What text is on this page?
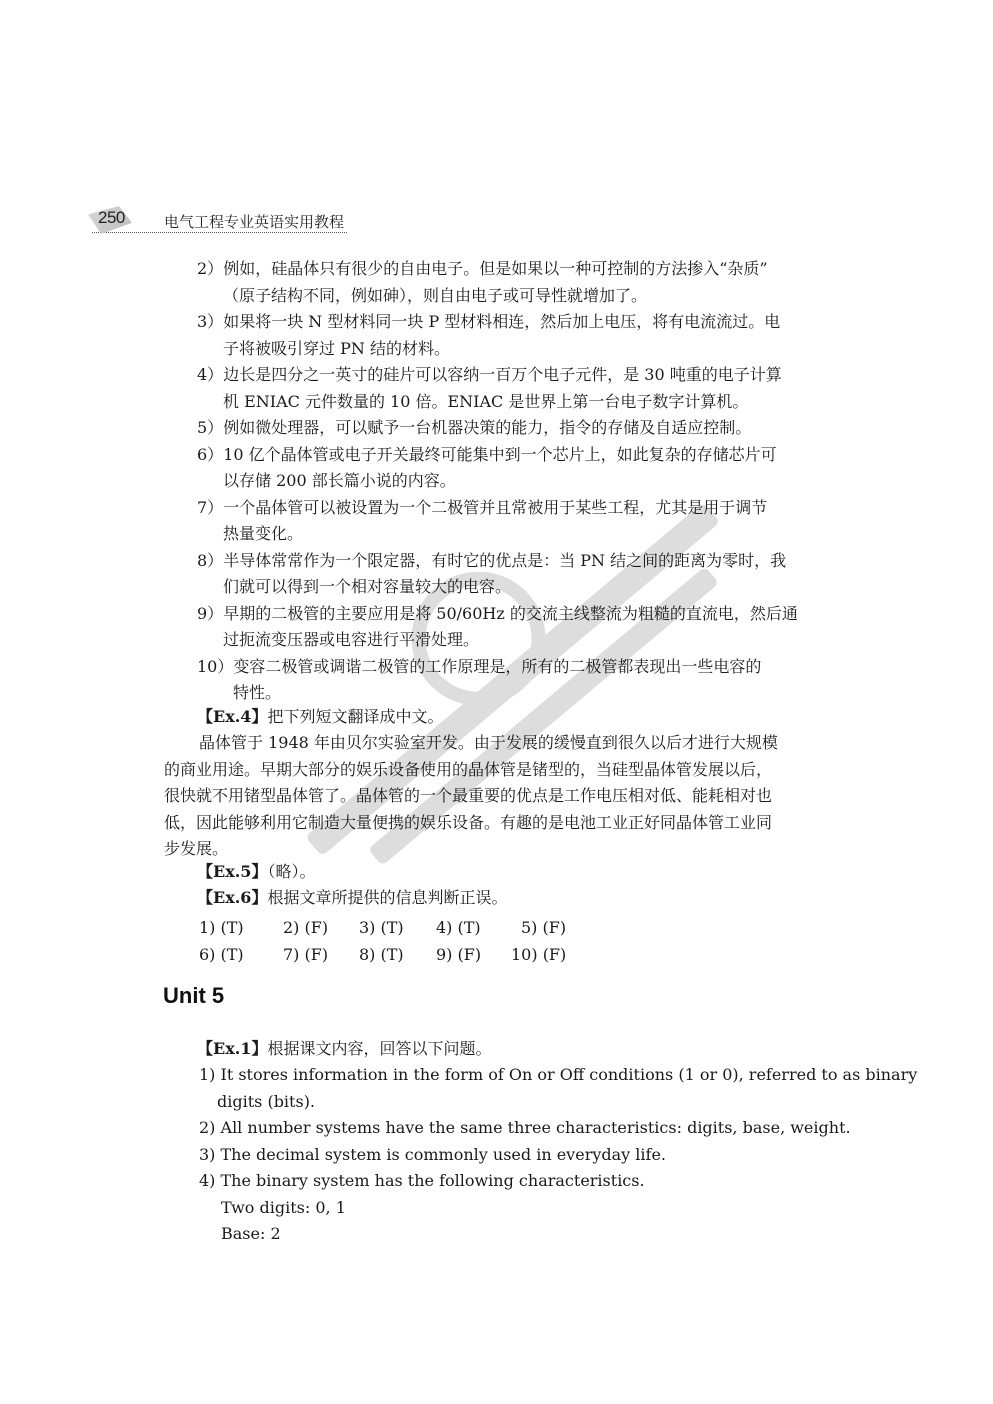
250	电气工程专业英语实用教程
2）例如，硅晶体只有很少的自由电子。但是如果以一种可控制的方法掺入“杂质”
（原子结构不同，例如砷），则自由电子或可导性就增加了。
3）如果将一块 N 型材料同一块 P 型材料相连，然后加上电压，将有电流流过。电
子将被吸引穿过 PN 结的材料。
4）边长是四分之一英寸的硅片可以容纳一百万个电子元件，是 30 吨重的电子计算
机 ENIAC 元件数量的 10 倍。ENIAC 是世界上第一台电子数字计算机。
5）例如微处理器，可以赋予一台机器决策的能力，指令的存储及自适应控制。
6）10 亿个晶体管或电子开关最终可能集中到一个芯片上，如此复杂的存储芯片可
以存储 200 部长篇小说的内容。
7）一个晶体管可以被设置为一个二极管并且常被用于某些工程，尤其是用于调节
热量变化。
8）半导体常常作为一个限定器，有时它的优点是：当 PN 结之间的距离为零时，我
们就可以得到一个相对容量较大的电容。
9）早期的二极管的主要应用是将 50/60Hz 的交流主线整流为粗糙的直流电，然后通
过扼流变压器或电容进行平滑处理。
10）变容二极管或调谐二极管的工作原理是，所有的二极管都表现出一些电容的
特性。
【Ex.4】把下列短文翻译成中文。
晶体管于 1948 年由贝尔实验室开发。由于发展的缓慢直到很久以后才进行大规模
的商业用途。早期大部分的娱乐设备使用的晶体管是锗型的，当硅型晶体管发展以后，
很快就不用锗型晶体管了。晶体管的一个最重要的优点是工作电压相对低、能耗相对也
低，因此能够利用它制造大量便携的娱乐设备。有趣的是电池工业正好同晶体管工业同
步发展。
【Ex.5】（略）。
【Ex.6】根据文章所提供的信息判断正误。
1) (T) 2) (F) 3) (T) 4) (T)	5) (F)
6) (T) 7) (F) 8) (T) 9) (F) 10) (F)
Unit 5
【Ex.1】根据课文内容，回答以下问题。
1) It stores information in the form of On or Off conditions (1 or 0), referred to as binary
digits (bits).
2) All number systems have the same three characteristics: digits, base, weight.
3) The decimal system is commonly used in everyday life.
4) The binary system has the following characteristics.
Two digits: 0, 1
Base: 2
